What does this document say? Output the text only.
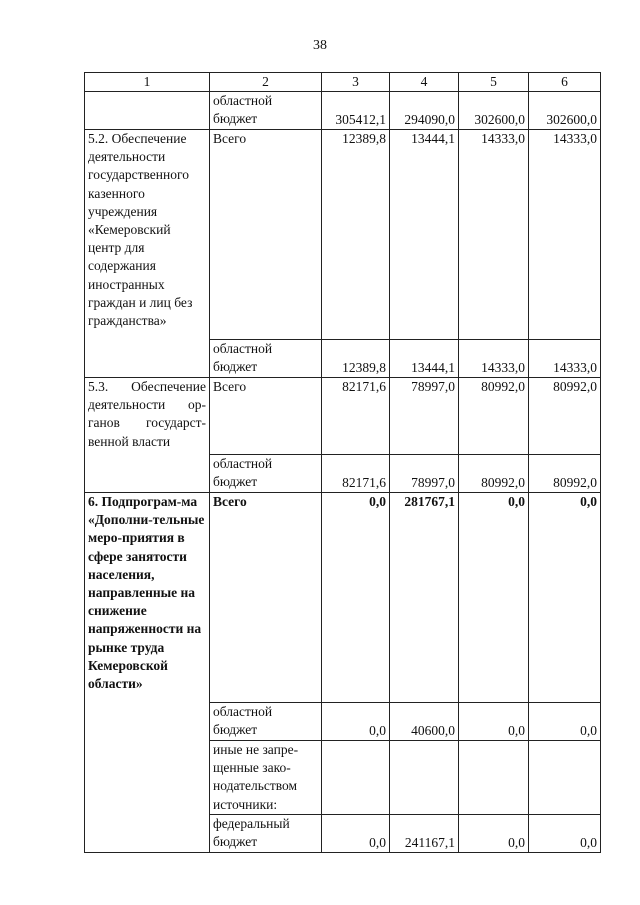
38
1	2	3	4	5	6
	областной бюджет	305412,1	294090,0	302600,0	302600,0
5.2. Обеспечение деятельности государственного казенного учреждения «Кемеровский центр для содержания иностранных граждан и лиц без гражданства»	Всего	12389,8	13444,1	14333,0	14333,0
	областной бюджет	12389,8	13444,1	14333,0	14333,0
5.3. Обеспечение деятельности ор-ганов государст-венной власти	Всего	82171,6	78997,0	80992,0	80992,0
	областной бюджет	82171,6	78997,0	80992,0	80992,0
6. Подпрограм-ма «Дополни-тельные меро-приятия в сфере занятости населения, направленные на снижение напряженности на рынке труда Кемеровской области»	Всего	0,0	281767,1	0,0	0,0
	областной бюджет	0,0	40600,0	0,0	0,0
	иные не запре-щенные зако-нодательством источники:				
	федеральный бюджет	0,0	241167,1	0,0	0,0
